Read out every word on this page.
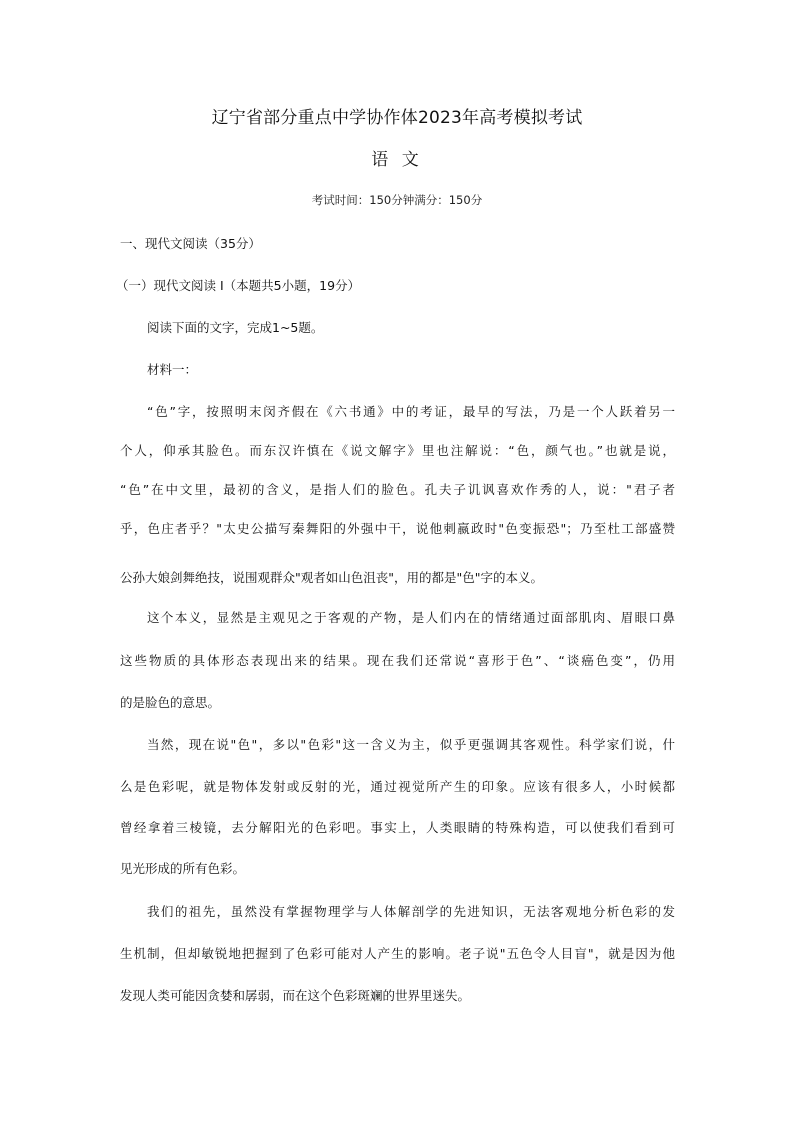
辽宁省部分重点中学协作体2023年高考模拟考试
语 文
考试时间：150分钟满分：150分
一、现代文阅读（35分）
（一）现代文阅读 Ⅰ（本题共5小题，19分）
阅读下面的文字，完成1~5题。
材料一：
“色”字，按照明末闵齐假在《六书通》中的考证，最早的写法，乃是一个人跃着另一
个人，仰承其脸色。而东汉许慎在《说文解字》里也注解说：“色，颜气也。”也就是说，
“色”在中文里，最初的含义，是指人们的脸色。孔夫子讥讽喜欢作秀的人，说："君子者
乎，色庄者乎？"太史公描写秦舞阳的外强中干，说他刺嬴政时"色变振恐"；乃至杜工部盛赞
公孙大娘剑舞绝技，说围观群众"观者如山色沮丧"，用的都是"色"字的本义。
这个本义，显然是主观见之于客观的产物，是人们内在的情绪通过面部肌肉、眉眼口鼻
这些物质的具体形态表现出来的结果。现在我们还常说“喜形于色”、“谈癌色变”，仍用
的是脸色的意思。
当然，现在说"色"，多以"色彩"这一含义为主，似乎更强调其客观性。科学家们说，什
么是色彩呢，就是物体发射或反射的光，通过视觉所产生的印象。应该有很多人，小时候都
曾经拿着三棱镜，去分解阳光的色彩吧。事实上，人类眼睛的特殊构造，可以使我们看到可
见光形成的所有色彩。
我们的祖先，虽然没有掌握物理学与人体解剖学的先进知识，无法客观地分析色彩的发
生机制，但却敏锐地把握到了色彩可能对人产生的影响。老子说"五色令人目盲"，就是因为他
发现人类可能因贪婪和孱弱，而在这个色彩斑斓的世界里迷失。
